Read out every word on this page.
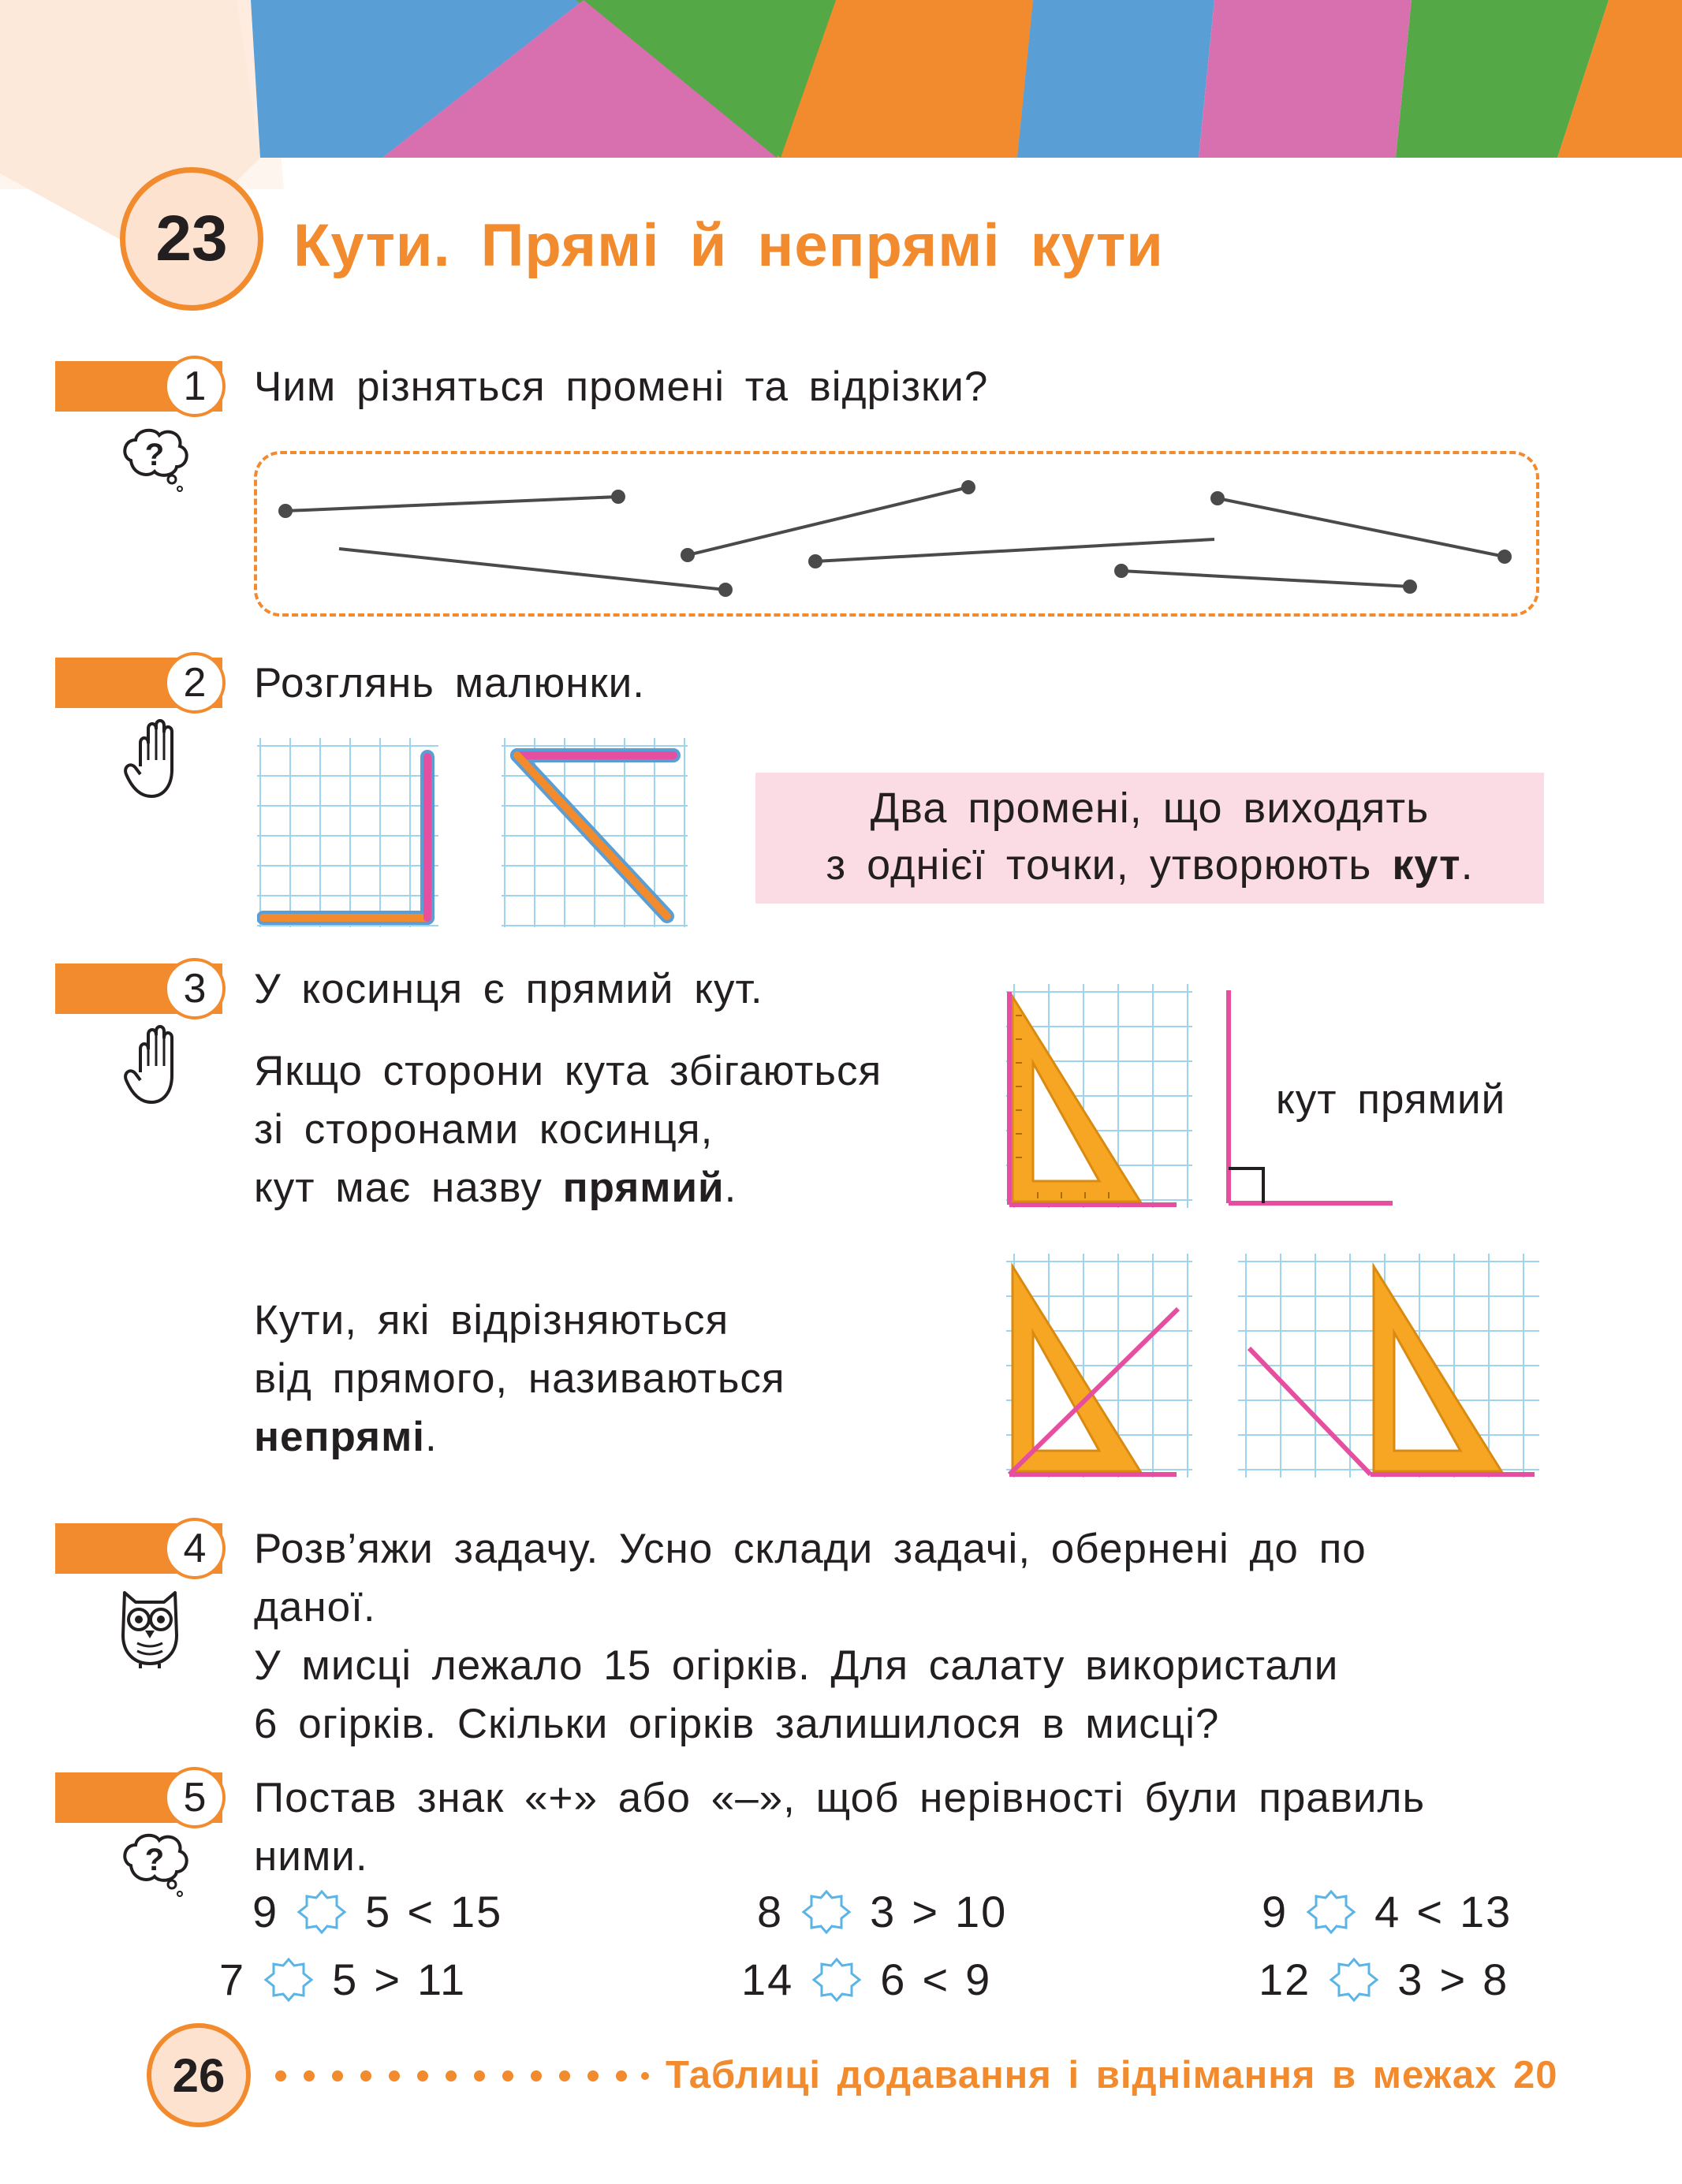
23 Кути. Прямі й непрямі кути
1	Чим різняться промені та відрізки?
?
2	Розглянь малюнки.
Два промені, що виходять
з однієї точки, утворюють кут.
3	У косинця є прямий кут.
Якщо сторони кута збігаються
зі сторонами косинця,
кут має назву прямий.
кут прямий
Кути, які відрізняються
від прямого, називаються
непрямі.
4	Розв’яжи задачу. Усно склади задачі, обернені до по
даної.
У мисці лежало 15 огірків. Для салату використали
6 огірків. Скільки огірків залишилося в мисці?
5	Постав знак «+» або «–», щоб нерівності були правиль
ними.
?
9 5 < 15	8 3 > 10	9 4 < 13
7 5 > 11	14 6 < 9	12 3 > 8
26	Таблиці додавання і віднімання в межах 20
